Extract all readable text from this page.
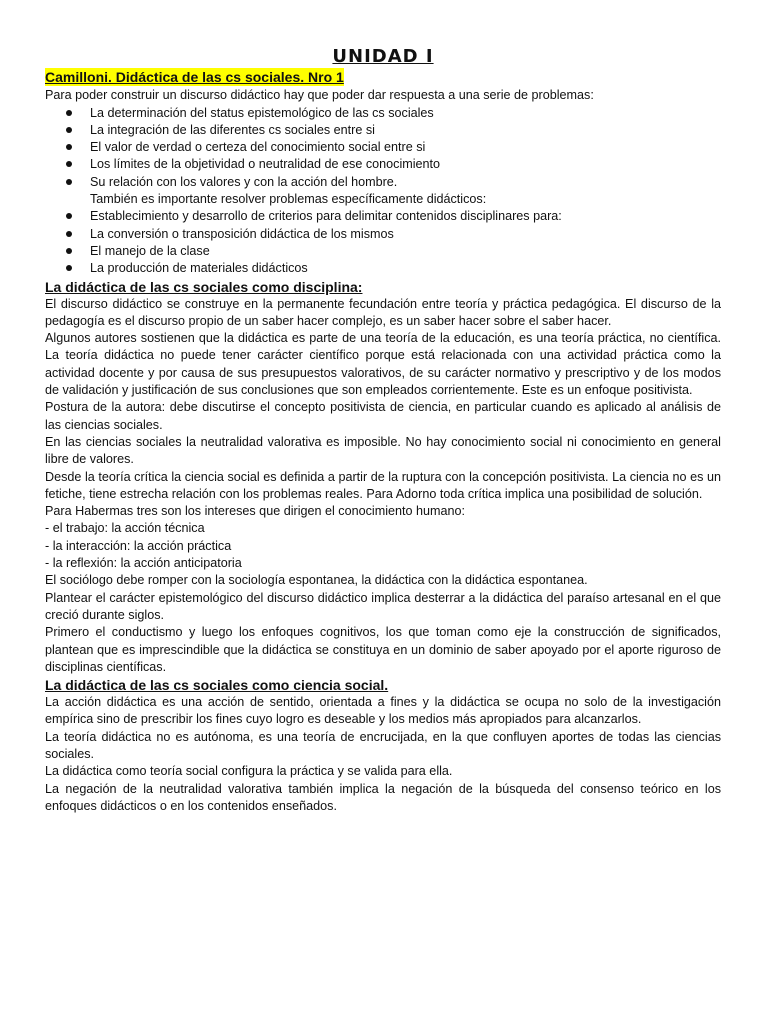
UNIDAD I
Camilloni. Didáctica de las cs sociales. Nro 1

Para poder construir un discurso didáctico hay que poder dar respuesta a una serie de problemas:

La determinación del status epistemológico de las cs sociales
La integración de las diferentes cs sociales entre si
El valor de verdad o certeza del conocimiento social entre si
Los límites de la objetividad o neutralidad de ese conocimiento
Su relación con los valores y con la acción del hombre.

También es importante resolver problemas específicamente didácticos:

Establecimiento y desarrollo de criterios para delimitar contenidos disciplinares para:
La conversión o transposición didáctica de los mismos
El manejo de la clase
La producción de materiales didácticos
La didáctica de las cs sociales como disciplina:

El discurso didáctico se construye en la permanente fecundación entre teoría y práctica pedagógica. El discurso de la pedagogía es el discurso propio de un saber hacer complejo, es un saber hacer sobre el saber hacer.

Algunos autores sostienen que la didáctica es parte de una teoría de la educación, es una teoría práctica, no científica. La teoría didáctica no puede tener carácter científico porque está relacionada con una actividad práctica como la actividad docente y por causa de sus presupuestos valorativos, de su carácter normativo y prescriptivo y de los modos de validación y justificación de sus conclusiones que son empleados corrientemente. Este es un enfoque positivista.

Postura de la autora: debe discutirse el concepto positivista de ciencia, en particular cuando es aplicado al análisis de las ciencias sociales.

En las ciencias sociales la neutralidad valorativa es imposible. No hay conocimiento social ni conocimiento en general libre de valores.

Desde la teoría crítica la ciencia social es definida a partir de la ruptura con la concepción positivista. La ciencia no es un fetiche, tiene estrecha relación con los problemas reales. Para Adorno toda crítica implica una posibilidad de solución.

Para Habermas tres son los intereses que dirigen el conocimiento humano:

- el trabajo: la acción técnica

- la interacción: la acción práctica

- la reflexión: la acción anticipatoria

El sociólogo debe romper con la sociología espontanea, la didáctica con la didáctica espontanea.

Plantear el carácter epistemológico del discurso didáctico implica desterrar a la didáctica del paraíso artesanal en el que creció durante siglos.

Primero el conductismo y luego los enfoques cognitivos, los que toman como eje la construcción de significados, plantean que es imprescindible que la didáctica se constituya en un dominio de saber apoyado por el aporte riguroso de disciplinas científicas.

La didáctica de las cs sociales como ciencia social.

La acción didáctica es una acción de sentido, orientada a fines y la didáctica se ocupa no solo de la investigación empírica sino de prescribir los fines cuyo logro es deseable y los medios más apropiados para alcanzarlos.

La teoría didáctica no es autónoma, es una teoría de encrucijada, en la que confluyen aportes de todas las ciencias sociales.

La didáctica como teoría social configura la práctica y se valida para ella.

La negación de la neutralidad valorativa también implica la negación de la búsqueda del consenso teórico en los enfoques didácticos o en los contenidos enseñados.
